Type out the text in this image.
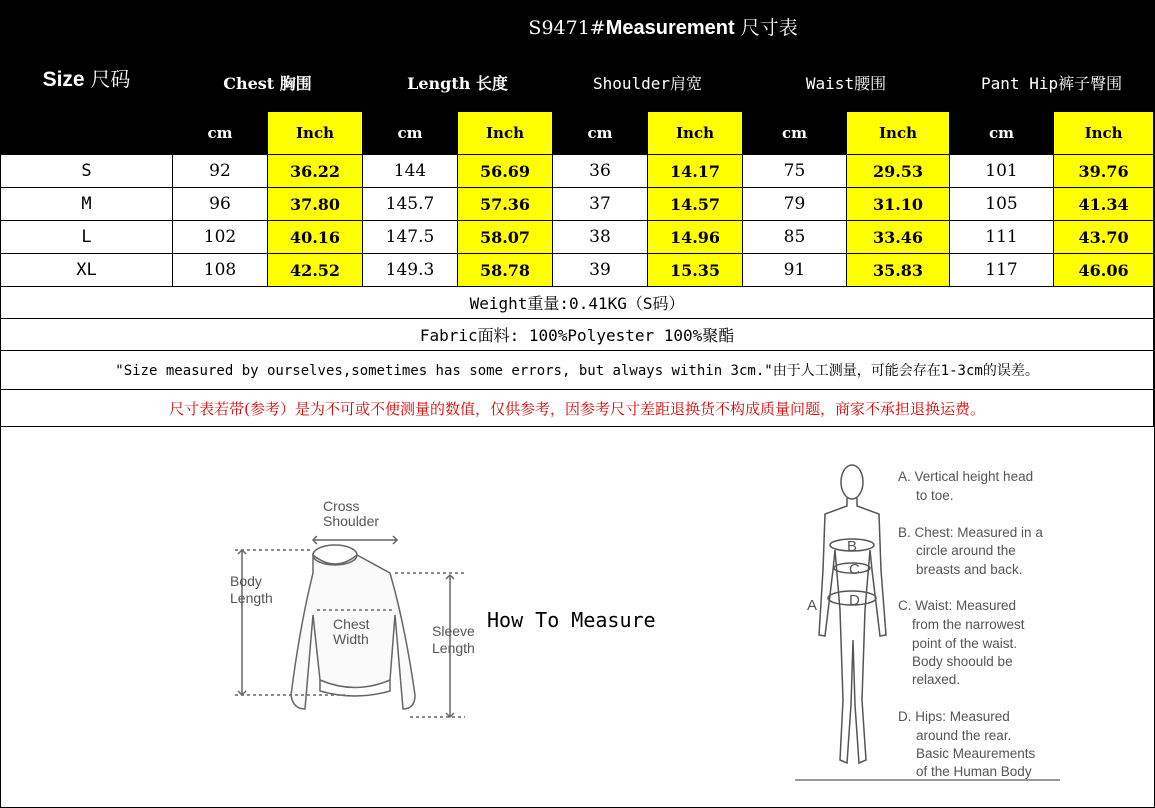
Size 尺码	S9471#Measurement 尺寸表									
	Chest 胸围		Length 长度		Shoulder肩宽		Waist腰围		Pant Hip裤子臀围	
	cm	Inch	cm	Inch	cm	Inch	cm	Inch	cm	Inch
S	92	36.22	144	56.69	36	14.17	75	29.53	101	39.76
M	96	37.80	145.7	57.36	37	14.57	79	31.10	105	41.34
L	102	40.16	147.5	58.07	38	14.96	85	33.46	111	43.70
XL	108	42.52	149.3	58.78	39	15.35	91	35.83	117	46.06
Weight重量:0.41KG（S码）										
Fabric面料: 100%Polyester 100%聚酯										
"Size measured by ourselves,sometimes has some errors, but always within 3cm."由于人工测量，可能会存在1-3cm的误差。										
尺寸表若带(参考）是为不可或不便测量的数值，仅供参考，因参考尺寸差距退换货不构成质量问题，商家不承担退换运费。										
Cross
Shoulder
Body
Length
Chest
Width	Sleeve
Length
How To Measure
B
C
D
A
A. Vertical height head
to toe.
B. Chest: Measured in a
circle around the
breasts and back.
C. Waist: Measured
from the narrowest
point of the waist.
Body shoould be
relaxed.
D. Hips: Measured
around the rear.
Basic Meaurements
of the Human Body
